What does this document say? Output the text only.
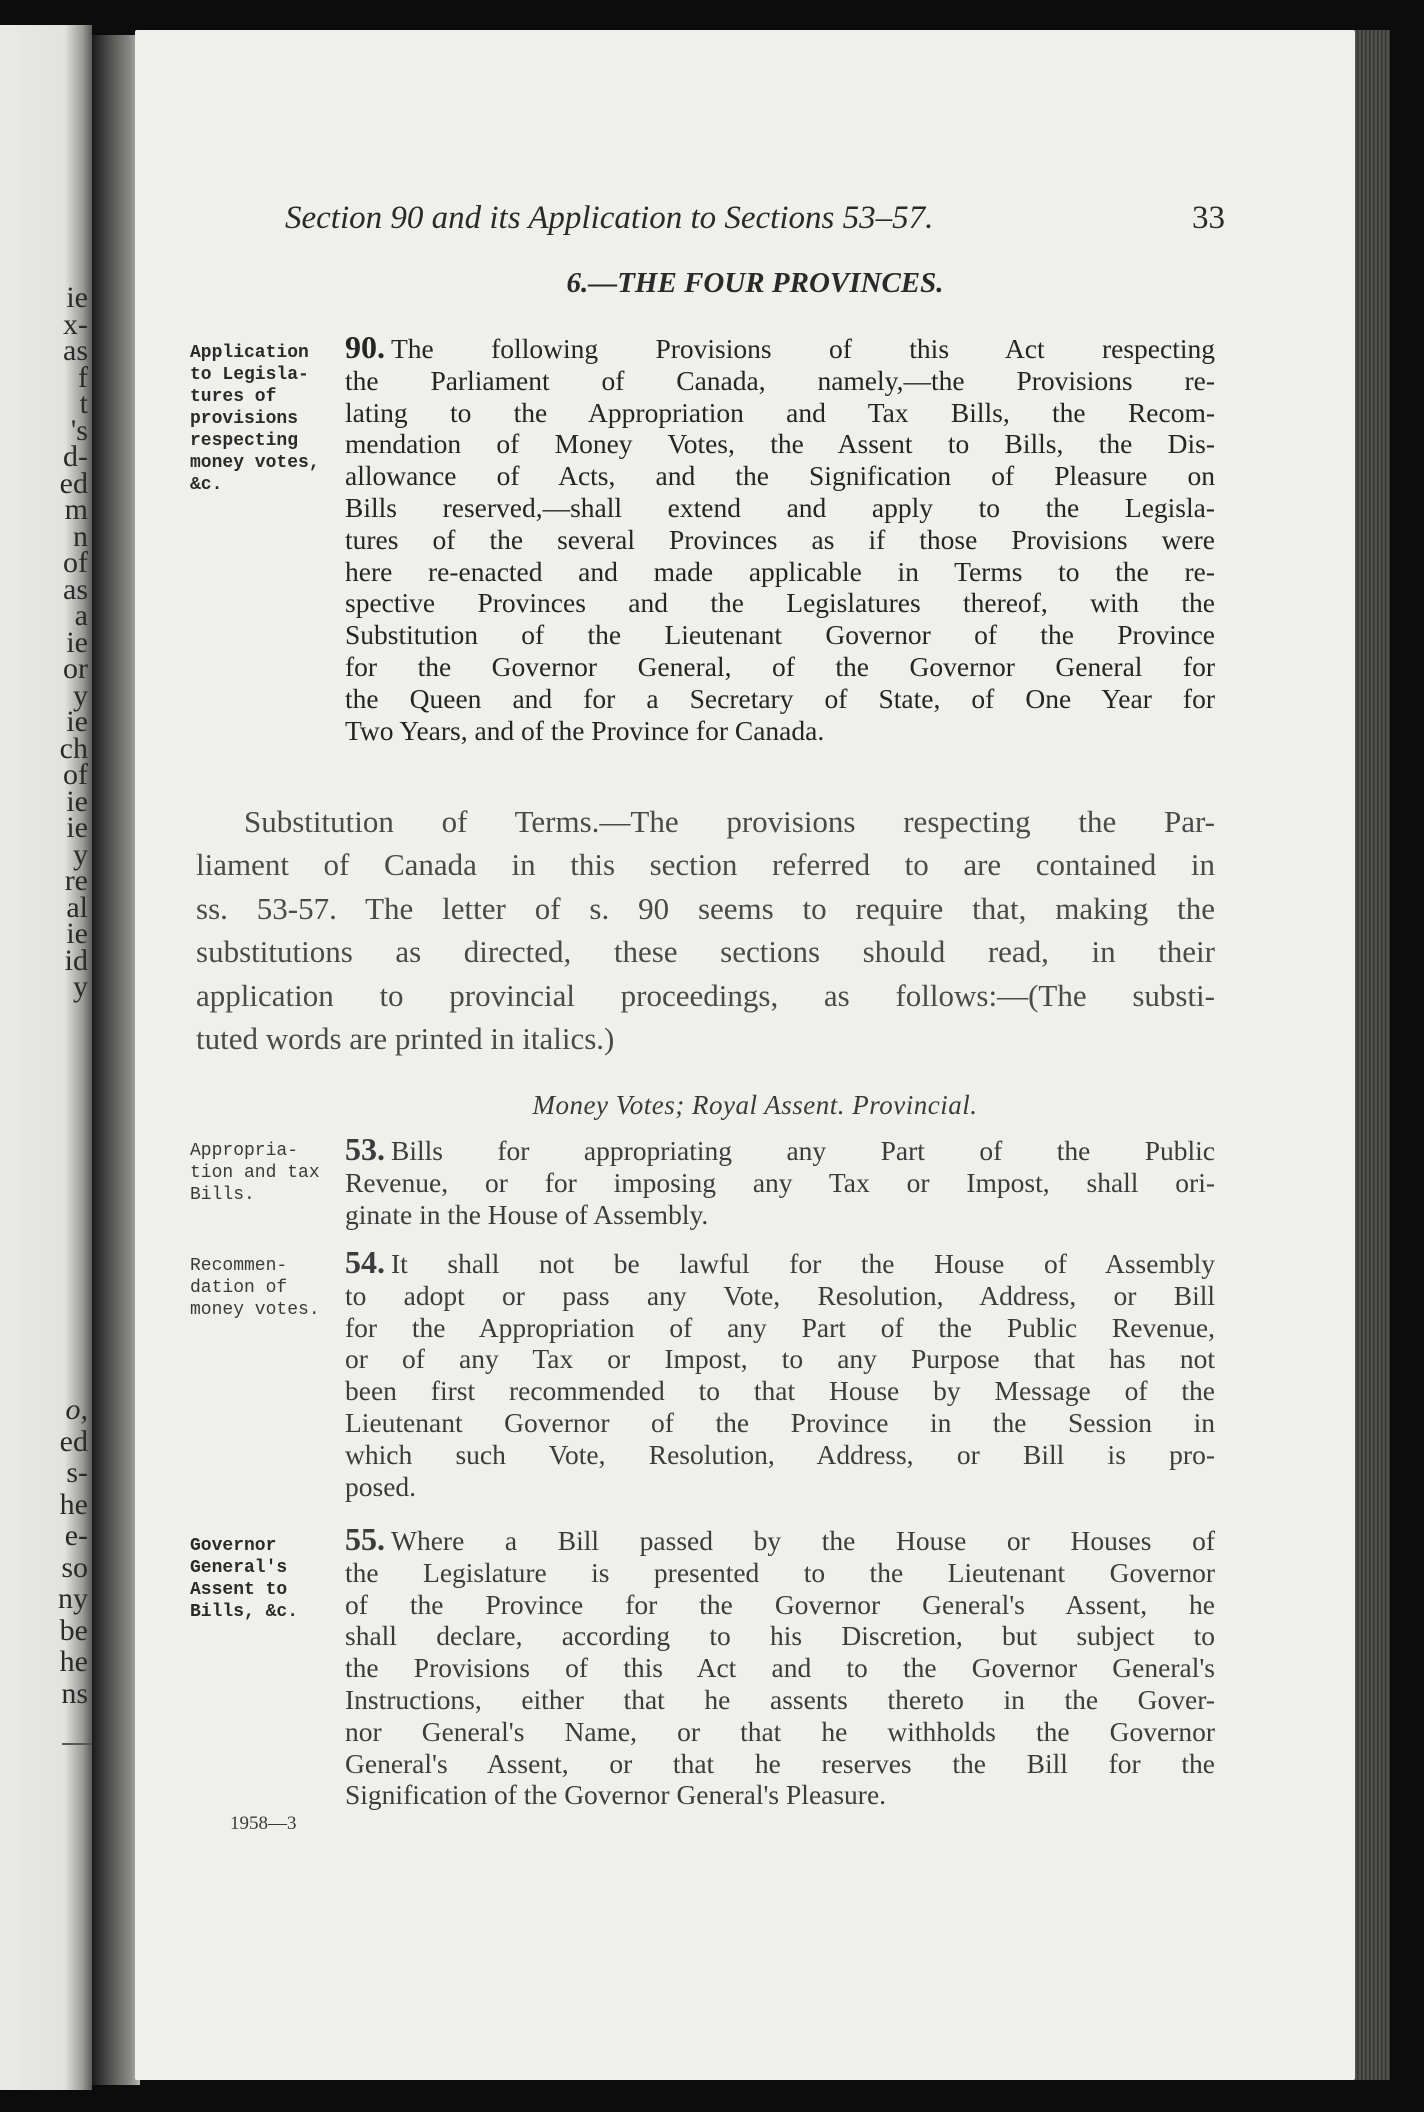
ie
x-
as
f
t
's
d-
ed
m
n
of
as
a
ie
or
y
ie
ch
of
ie
ie
y
re
al
ie
id
y
o,
ed
s-
he
e-
so
ny
be
he
ns
Section 90 and its Application to Sections 53–57.	33
6.—THE FOUR PROVINCES.
Application
to Legisla-
tures of
provisions
respecting
money votes,
&c.
90. The following Provisions of this Act respecting
the Parliament of Canada, namely,—the Provisions re-
lating to the Appropriation and Tax Bills, the Recom-
mendation of Money Votes, the Assent to Bills, the Dis-
allowance of Acts, and the Signification of Pleasure on
Bills reserved,—shall extend and apply to the Legisla-
tures of the several Provinces as if those Provisions were
here re-enacted and made applicable in Terms to the re-
spective Provinces and the Legislatures thereof, with the
Substitution of the Lieutenant Governor of the Province
for the Governor General, of the Governor General for
the Queen and for a Secretary of State, of One Year for
Two Years, and of the Province for Canada.
Substitution of Terms.—The provisions respecting the Par-
liament of Canada in this section referred to are contained in
ss. 53-57. The letter of s. 90 seems to require that, making the
substitutions as directed, these sections should read, in their
application to provincial proceedings, as follows:—(The substi-
tuted words are printed in italics.)
Money Votes; Royal Assent. Provincial.
Appropria-
tion and tax
Bills.
53. Bills for appropriating any Part of the Public
Revenue, or for imposing any Tax or Impost, shall ori-
ginate in the House of Assembly.
Recommen-
dation of
money votes.
54. It shall not be lawful for the House of Assembly
to adopt or pass any Vote, Resolution, Address, or Bill
for the Appropriation of any Part of the Public Revenue,
or of any Tax or Impost, to any Purpose that has not
been first recommended to that House by Message of the
Lieutenant Governor of the Province in the Session in
which such Vote, Resolution, Address, or Bill is pro-
posed.
Governor
General's
Assent to
Bills, &c.
55. Where a Bill passed by the House or Houses of
the Legislature is presented to the Lieutenant Governor
of the Province for the Governor General's Assent, he
shall declare, according to his Discretion, but subject to
the Provisions of this Act and to the Governor General's
Instructions, either that he assents thereto in the Gover-
nor General's Name, or that he withholds the Governor
General's Assent, or that he reserves the Bill for the
Signification of the Governor General's Pleasure.
1958—3
